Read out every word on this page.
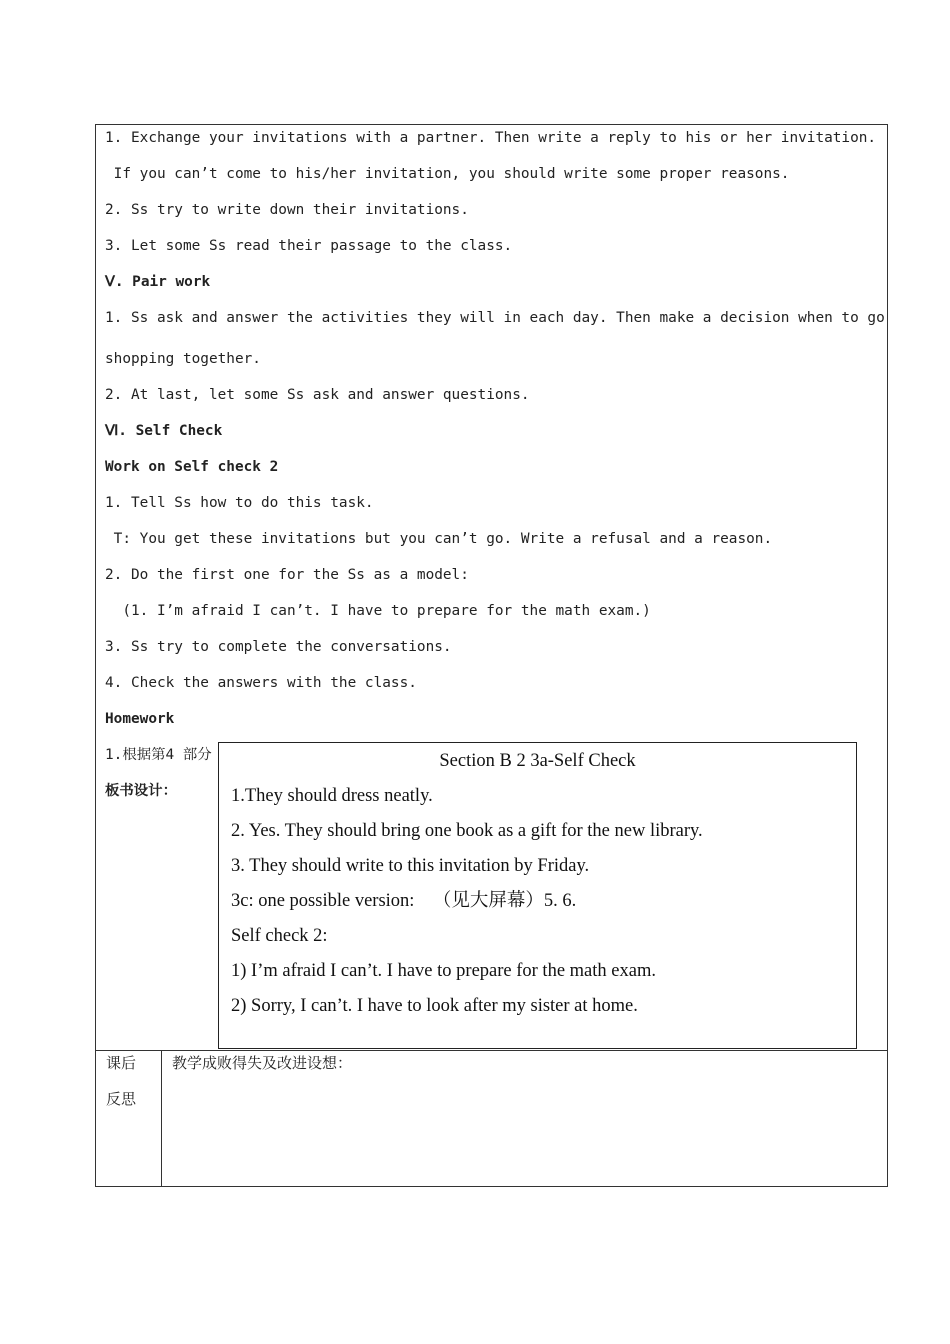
1. Exchange your invitations with a partner. Then write a reply to his or her invitation.
If you can’t come to his/her invitation, you should write some proper reasons.
2. Ss try to write down their invitations.
3. Let some Ss read their passage to the class.
Ⅴ. Pair work
1. Ss ask and answer the activities they will in each day. Then make a decision when to go
shopping together.
2. At last, let some Ss ask and answer questions.
Ⅵ. Self Check
Work on Self check 2
1. Tell Ss how to do this task.
T: You get these invitations but you can’t go. Write a refusal and a reason.
2. Do the first one for the Ss as a model:
(1. I’m afraid I can’t. I have to prepare for the math exam.)
3. Ss try to complete the conversations.
4. Check the answers with the class.
Homework
1.根据第4 部分
板书设计：
Section B 2 3a-Self Check
1.They should dress neatly.
2. Yes. They should bring one book as a gift for the new library.
3. They should write to this invitation by Friday.
3c: one possible version:    （见大屏幕）5. 6.
Self check 2:
1) I’m afraid I can’t. I have to prepare for the math exam.
2) Sorry, I can’t. I have to look after my sister at home.
课后
反思
教学成败得失及改进设想：
